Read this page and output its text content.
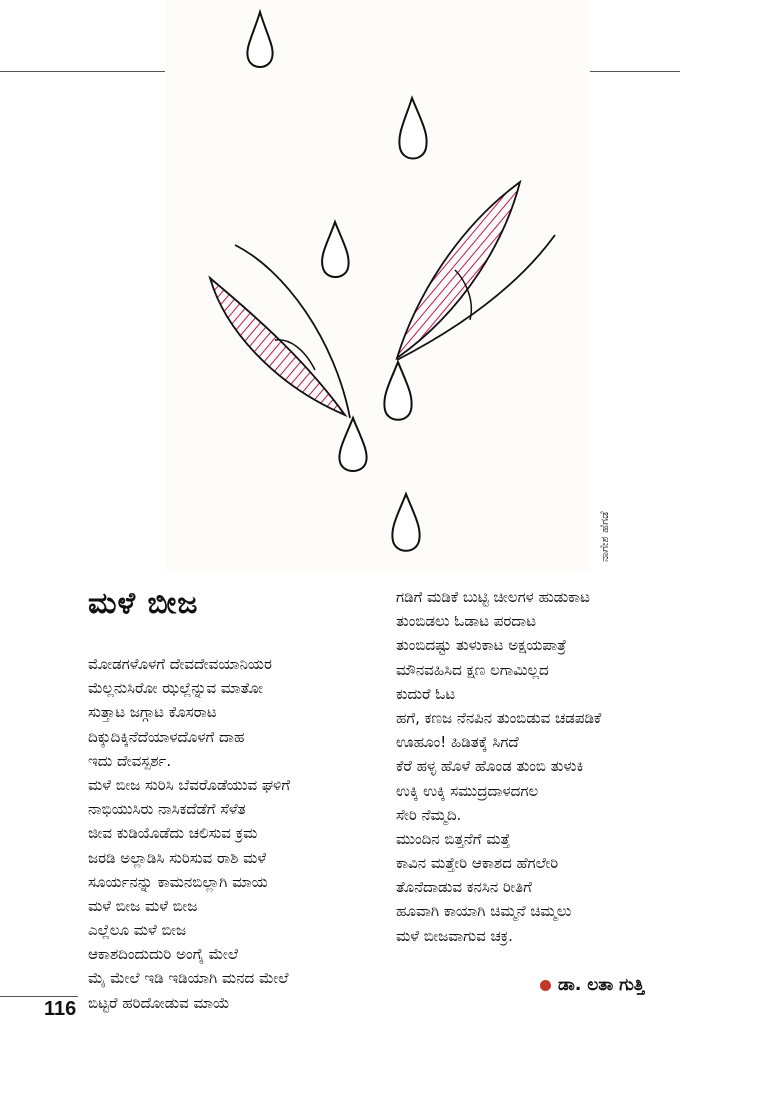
ನಾಗೇಶ ಹೆಗಡೆ
ಮಳೆ ಬೀಜ
ಮೋಡಗಳೊಳಗೆ ದೇವದೇವಯಾನಿಯರ
ಮೆಲ್ಲನುಸಿರೋ ಝಲ್ಲೆನ್ನುವ ಮಾತೋ
ಸುತ್ತಾಟ ಜಗ್ಗಾಟ ಕೊಸರಾಟ
ದಿಕ್ಕುದಿಕ್ಕಿನೆದೆಯಾಳದೊಳಗೆ ದಾಹ
ಇದು ದೇವಸ್ಪರ್ಶ.
ಮಳೆ ಬೀಜ ಸುರಿಸಿ ಬೆವರೊಡೆಯುವ ಘಳಿಗೆ
ನಾಭಿಯುಸಿರು ನಾಸಿಕದೆಡೆಗೆ ಸೆಳೆತ
ಜೀವ ಕುಡಿಯೊಡೆದು ಚಲಿಸುವ ಕ್ರಮ
ಜರಡಿ ಅಲ್ಲಾಡಿಸಿ ಸುರಿಸುವ ರಾಶಿ ಮಳೆ
ಸೂರ್ಯನನ್ನು ಕಾಮನಬಿಲ್ಲಾಗಿ ಮಾಯ
ಮಳೆ ಬೀಜ ಮಳೆ ಬೀಜ
ಎಲ್ಲೆಲೂ ಮಳೆ ಬೀಜ
ಆಕಾಶದಿಂದುದುರಿ ಅಂಗೈ ಮೇಲೆ
ಮೈ ಮೇಲೆ ಇಡಿ ಇಡಿಯಾಗಿ ಮನದ ಮೇಲೆ
ಬಿಟ್ಟರೆ ಹರಿದೋಡುವ ಮಾಯೆ
ಗಡಿಗೆ ಮಡಿಕೆ ಬುಟ್ಟಿ ಚೀಲಗಳ ಹುಡುಕಾಟ
ತುಂಬಿಡಲು ಓಡಾಟ ಪರದಾಟ
ತುಂಬಿದಷ್ಟು ತುಳುಕಾಟ ಅಕ್ಷಯಪಾತ್ರೆ
ಮೌನವಹಿಸಿದ ಕ್ಷಣ ಲಗಾಮಿಲ್ಲದ
ಕುದುರೆ ಓಟ
ಹಗೆ, ಕಣಜ ನೆನಪಿನ ತುಂಬಿಡುವ ಚಡಪಡಿಕೆ
ಊಹೂಂ! ಹಿಡಿತಕ್ಕೆ ಸಿಗದೆ
ಕೆರೆ ಹಳ್ಳ ಹೊಳೆ ಹೊಂಡ ತುಂಬಿ ತುಳುಕಿ
ಉಕ್ಕಿ ಉಕ್ಕಿ ಸಮುದ್ರದಾಳದಗಲ
ಸೇರಿ ನೆಮ್ಮದಿ.
ಮುಂದಿನ ಬಿತ್ತನೆಗೆ ಮತ್ತೆ
ಕಾವಿನ ಮತ್ತೇರಿ ಆಕಾಶದ ಹೆಗಲೇರಿ
ತೊನೆದಾಡುವ ಕನಸಿನ ರೀತಿಗೆ
ಹೂವಾಗಿ ಕಾಯಾಗಿ ಚಿಮ್ಮನೆ ಚಿಮ್ಮಲು
ಮಳೆ ಬೀಜವಾಗುವ ಚಕ್ರ.
ಡಾ. ಲತಾ ಗುತ್ತಿ
116
